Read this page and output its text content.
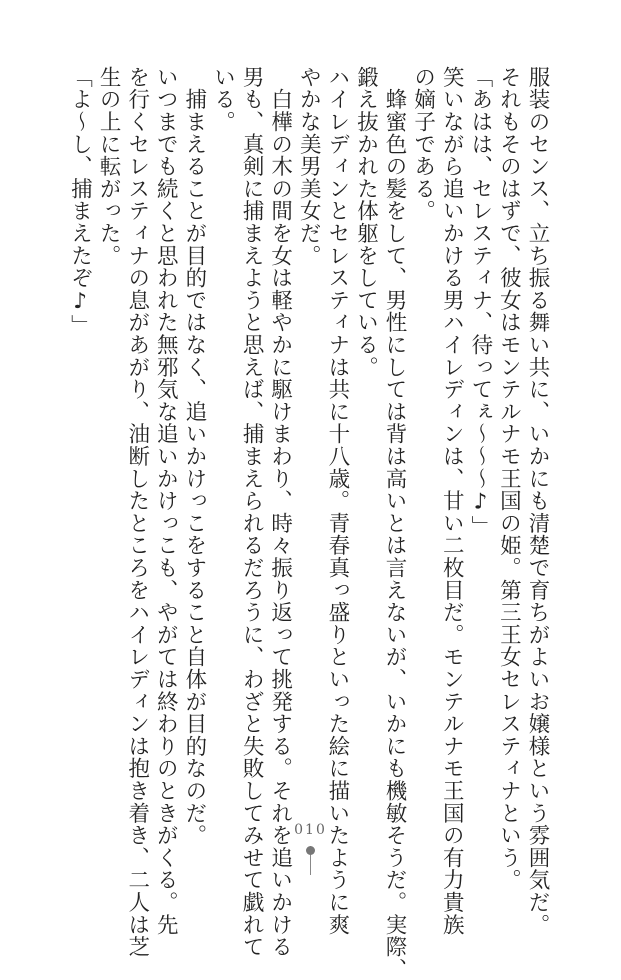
服装のセンス、立ち振る舞い共に、いかにも清楚で育ちがよいお嬢様という雰囲気だ。
それもそのはずで、彼女はモンテルナモ王国の姫。第三王女セレスティナという。
「あはは、セレスティナ、待ってぇ〜〜〜♪」
笑いながら追いかける男ハイレディンは、甘い二枚目だ。モンテルナモ王国の有力貴族
の嫡子である。
　蜂蜜色の髪をして、男性にしては背は高いとは言えないが、いかにも機敏そうだ。実際、
鍛え抜かれた体躯をしている。
ハイレディンとセレスティナは共に十八歳。青春真っ盛りといった絵に描いたように爽
やかな美男美女だ。
　白樺の木の間を女は軽やかに駆けまわり、時々振り返って挑発する。それを追いかける
男も、真剣に捕まえようと思えば、捕まえられるだろうに、わざと失敗してみせて戯れて
いる。
　捕まえることが目的ではなく、追いかけっこをすること自体が目的なのだ。
いつまでも続くと思われた無邪気な追いかけっこも、やがては終わりのときがくる。先
を行くセレスティナの息があがり、油断したところをハイレディンは抱き着き、二人は芝
生の上に転がった。
「よ〜し、捕まえたぞ♪」
010
